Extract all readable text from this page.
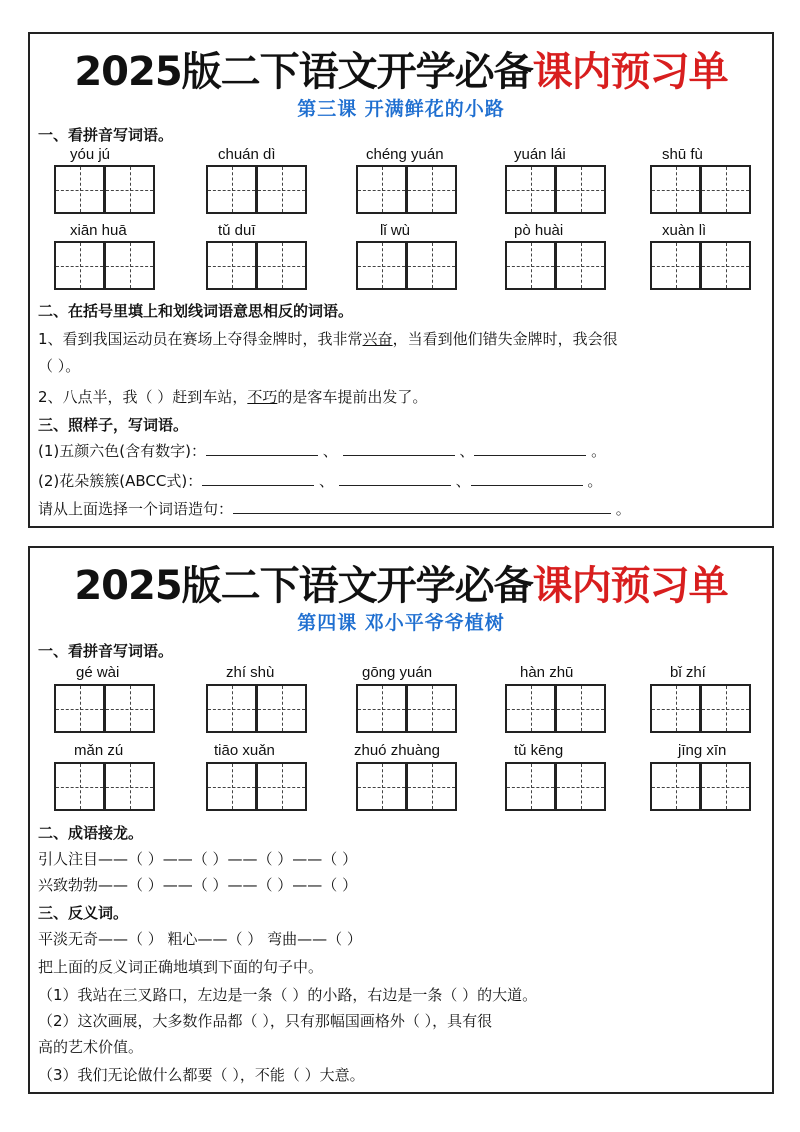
2025版二下语文开学必备课内预习单
第三课 开满鲜花的小路
一、看拼音写词语。
yóu jú	chuán dì	chéng yuán	yuán lái	shū fù
xiān huā	tǔ duī	lǐ wù	pò huài	xuàn lì
二、在括号里填上和划线词语意思相反的词语。
1、看到我国运动员在赛场上夺得金牌时，我非常兴奋，当看到他们错失金牌时，我会很
（ ）。
2、八点半，我（ ）赶到车站，不巧的是客车提前出发了。
三、照样子，写词语。
(1)五颜六色(含有数字)：	、	、	。
(2)花朵簇簇(ABCC式)：	、	、	。
请从上面选择一个词语造句：	。
2025版二下语文开学必备课内预习单
第四课 邓小平爷爷植树
一、看拼音写词语。
gé wài	zhí shù	gōng yuán	hàn zhū	bǐ zhí
mǎn zú	tiāo xuǎn	zhuó zhuàng	tǔ kēng	jīng xīn
二、成语接龙。
引人注目——（ ）——（ ）——（ ）——（ ）
兴致勃勃——（ ）——（ ）——（ ）——（ ）
三、反义词。
平淡无奇——（ ） 粗心——（ ） 弯曲——（ ）
把上面的反义词正确地填到下面的句子中。
（1）我站在三叉路口，左边是一条（ ）的小路，右边是一条（ ）的大道。
（2）这次画展，大多数作品都（ ），只有那幅国画格外（ ），具有很
高的艺术价值。
（3）我们无论做什么都要（ ），不能（ ）大意。
